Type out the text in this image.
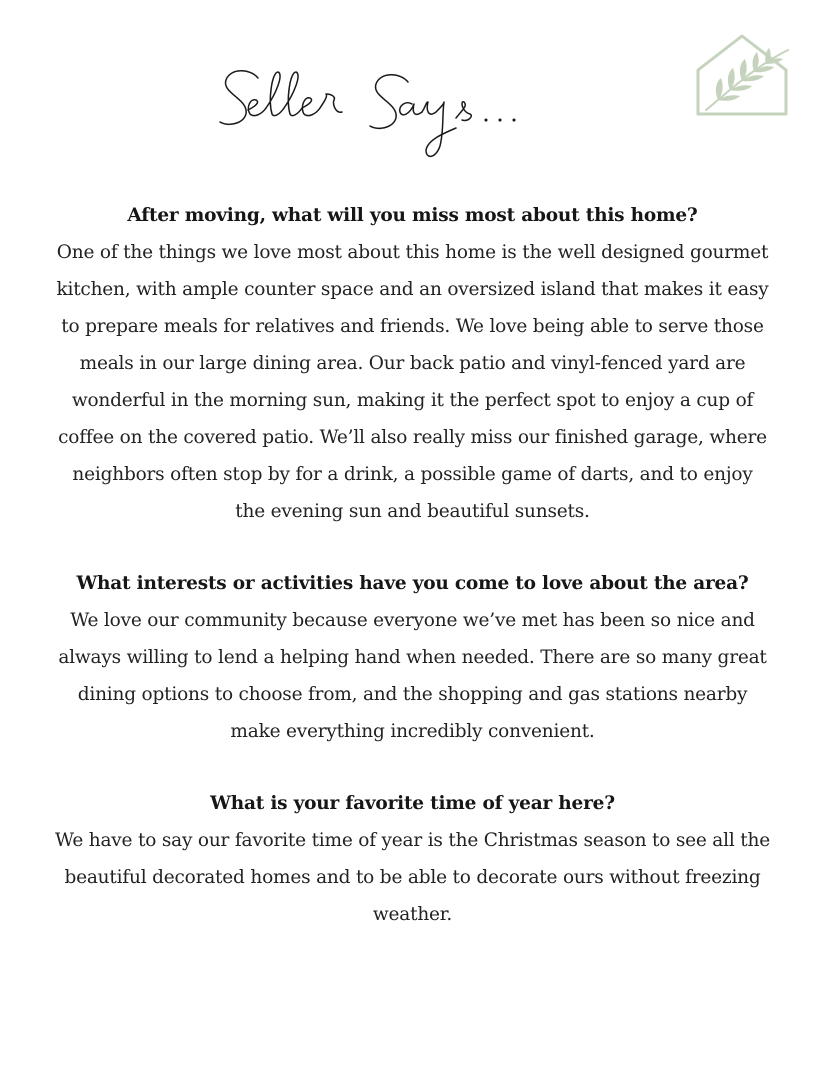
After moving, what will you miss most about this home?

One of the things we love most about this home is the well designed gourmet kitchen, with ample counter space and an oversized island that makes it easy to prepare meals for relatives and friends. We love being able to serve those meals in our large dining area. Our back patio and vinyl-fenced yard are wonderful in the morning sun, making it the perfect spot to enjoy a cup of coffee on the covered patio. We’ll also really miss our finished garage, where neighbors often stop by for a drink, a possible game of darts, and to enjoy the evening sun and beautiful sunsets.

What interests or activities have you come to love about the area?

We love our community because everyone we’ve met has been so nice and always willing to lend a helping hand when needed. There are so many great dining options to choose from, and the shopping and gas stations nearby make everything incredibly convenient.

What is your favorite time of year here?

We have to say our favorite time of year is the Christmas season to see all the beautiful decorated homes and to be able to decorate ours without freezing weather.
